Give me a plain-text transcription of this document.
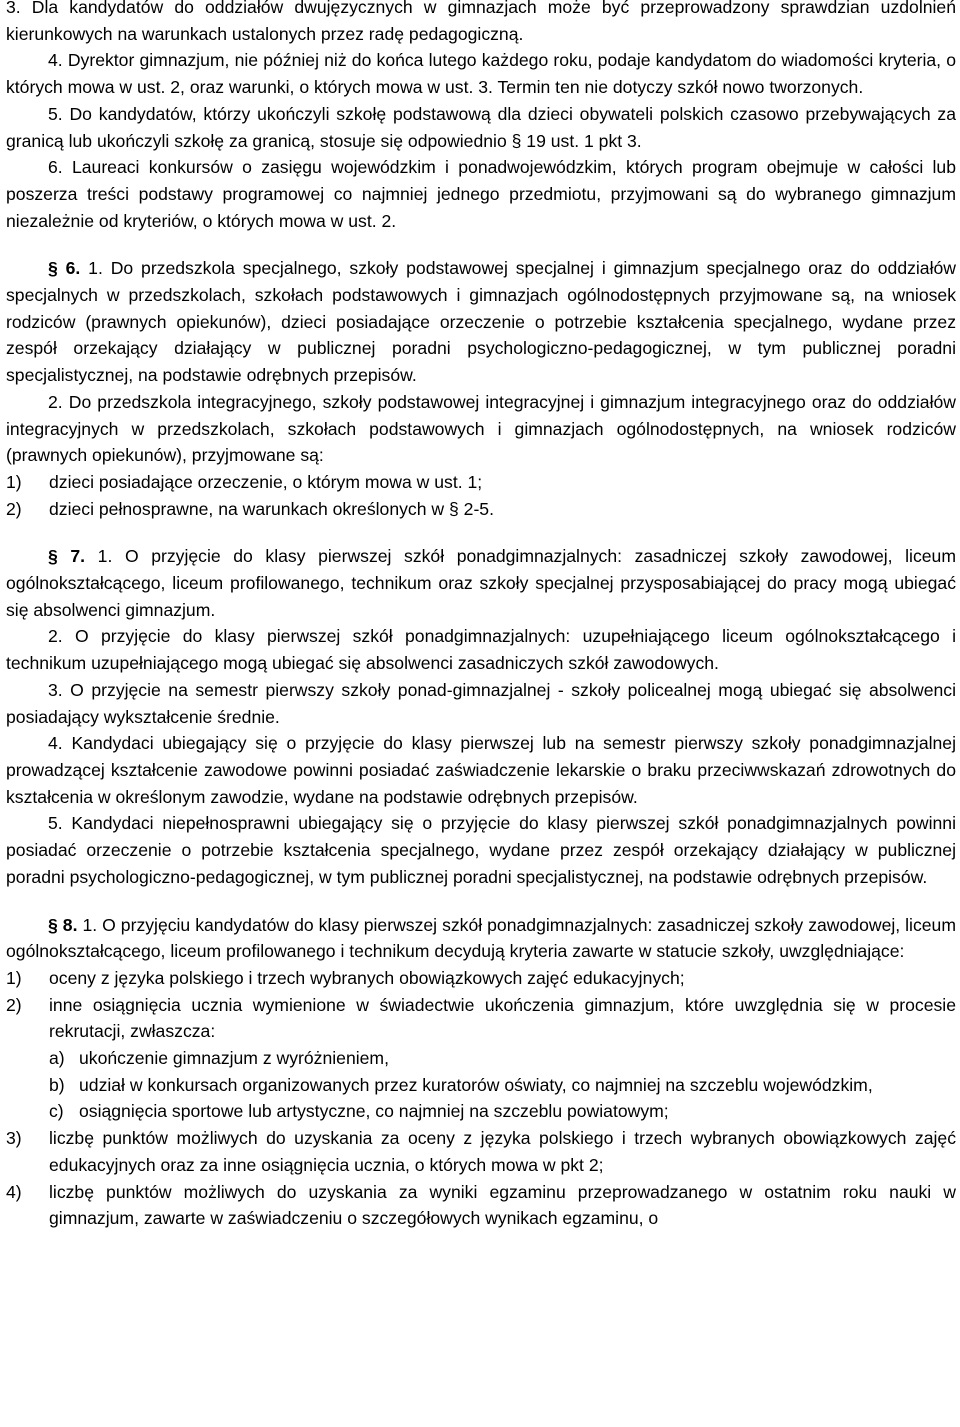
3. Dla kandydatów do oddziałów dwujęzycznych w gimnazjach może być przeprowadzony sprawdzian uzdolnień kierunkowych na warunkach ustalonych przez radę pedagogiczną.

4. Dyrektor gimnazjum, nie później niż do końca lutego każdego roku, podaje kandydatom do wiadomości kryteria, o których mowa w ust. 2, oraz warunki, o których mowa w ust. 3. Termin ten nie dotyczy szkół nowo tworzonych.

5. Do kandydatów, którzy ukończyli szkołę podstawową dla dzieci obywateli polskich czasowo przebywających za granicą lub ukończyli szkołę za granicą, stosuje się odpowiednio § 19 ust. 1 pkt 3.

6. Laureaci konkursów o zasięgu wojewódzkim i ponadwojewódzkim, których program obejmuje w całości lub poszerza treści podstawy programowej co najmniej jednego przedmiotu, przyjmowani są do wybranego gimnazjum niezależnie od kryteriów, o których mowa w ust. 2.

§ 6. 1. Do przedszkola specjalnego, szkoły podstawowej specjalnej i gimnazjum specjalnego oraz do oddziałów specjalnych w przedszkolach, szkołach podstawowych i gimnazjach ogólnodostępnych przyjmowane są, na wniosek rodziców (prawnych opiekunów), dzieci posiadające orzeczenie o potrzebie kształcenia specjalnego, wydane przez zespół orzekający działający w publicznej poradni psychologiczno-pedagogicznej, w tym publicznej poradni specjalistycznej, na podstawie odrębnych przepisów.

2. Do przedszkola integracyjnego, szkoły podstawowej integracyjnej i gimnazjum integracyjnego oraz do oddziałów integracyjnych w przedszkolach, szkołach podstawowych i gimnazjach ogólnodostępnych, na wniosek rodziców (prawnych opiekunów), przyjmowane są:

1)	dzieci posiadające orzeczenie, o którym mowa w ust. 1;
2)	dzieci pełnosprawne, na warunkach określonych w § 2-5.

§ 7. 1. O przyjęcie do klasy pierwszej szkół ponadgimnazjalnych: zasadniczej szkoły zawodowej, liceum ogólnokształcącego, liceum profilowanego, technikum oraz szkoły specjalnej przysposabiającej do pracy mogą ubiegać się absolwenci gimnazjum.

2. O przyjęcie do klasy pierwszej szkół ponadgimnazjalnych: uzupełniającego liceum ogólnokształcącego i technikum uzupełniającego mogą ubiegać się absolwenci zasadniczych szkół zawodowych.

3. O przyjęcie na semestr pierwszy szkoły ponad-gimnazjalnej - szkoły policealnej mogą ubiegać się absolwenci posiadający wykształcenie średnie.

4. Kandydaci ubiegający się o przyjęcie do klasy pierwszej lub na semestr pierwszy szkoły ponadgimnazjalnej prowadzącej kształcenie zawodowe powinni posiadać zaświadczenie lekarskie o braku przeciwwskazań zdrowotnych do kształcenia w określonym zawodzie, wydane na podstawie odrębnych przepisów.

5. Kandydaci niepełnosprawni ubiegający się o przyjęcie do klasy pierwszej szkół ponadgimnazjalnych powinni posiadać orzeczenie o potrzebie kształcenia specjalnego, wydane przez zespół orzekający działający w publicznej poradni psychologiczno-pedagogicznej, w tym publicznej poradni specjalistycznej, na podstawie odrębnych przepisów.

§ 8. 1. O przyjęciu kandydatów do klasy pierwszej szkół ponadgimnazjalnych: zasadniczej szkoły zawodowej, liceum ogólnokształcącego, liceum profilowanego i technikum decydują kryteria zawarte w statucie szkoły, uwzględniające:

1)	oceny z języka polskiego i trzech wybranych obowiązkowych zajęć edukacyjnych;
2)	inne osiągnięcia ucznia wymienione w świadectwie ukończenia gimnazjum, które uwzględnia się w procesie rekrutacji, zwłaszcza:
a) ukończenie gimnazjum z wyróżnieniem,
b) udział w konkursach organizowanych przez kuratorów oświaty, co najmniej na szczeblu wojewódzkim,
c) osiągnięcia sportowe lub artystyczne, co najmniej na szczeblu powiatowym;
3)	liczbę punktów możliwych do uzyskania za oceny z języka polskiego i trzech wybranych obowiązkowych zajęć edukacyjnych oraz za inne osiągnięcia ucznia, o których mowa w pkt 2;
4)	liczbę punktów możliwych do uzyskania za wyniki egzaminu przeprowadzanego w ostatnim roku nauki w gimnazjum, zawarte w zaświadczeniu o szczegółowych wynikach egzaminu, o
